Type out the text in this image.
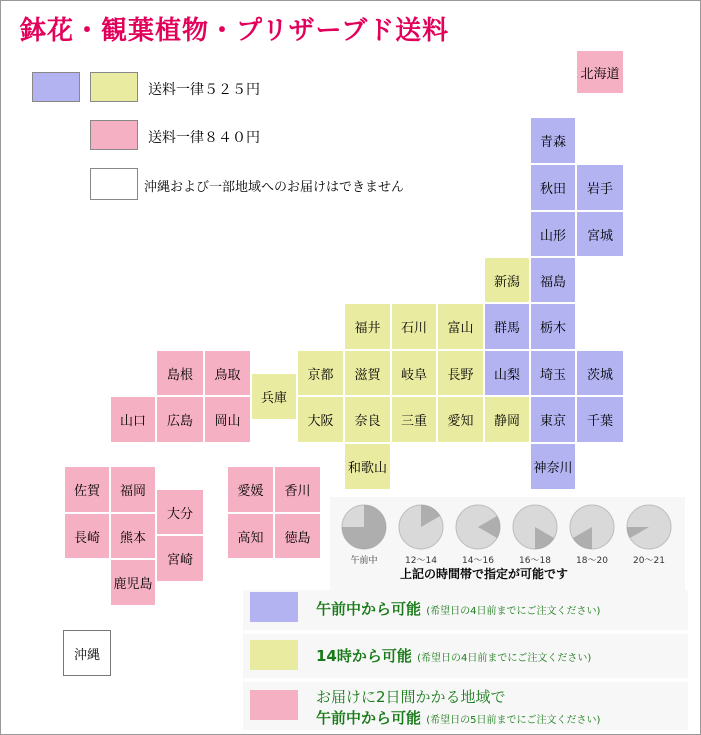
鉢花・観葉植物・プリザーブド送料
送料一律５２５円
送料一律８４０円
沖縄および一部地域へのお届けはできません
北海道
青森
秋田	岩手
山形	宮城
新潟	福島
福井	石川	富山	群馬	栃木
島根	鳥取	京都	滋賀	岐阜	長野	山梨	埼玉	茨城
兵庫
山口	広島	岡山	大阪	奈良	三重	愛知	静岡	東京	千葉
和歌山	神奈川
佐賀	福岡
大分
長崎	熊本
宮崎
鹿児島
愛媛	香川
高知	徳島
沖縄
午前中	12～14	14～16	16～18	18～20	20～21
上記の時間帯で指定が可能です
午前中から可能 (希望日の4日前までにご注文ください)
14時から可能 (希望日の4日前までにご注文ください)
お届けに2日間かかる地域で
午前中から可能 (希望日の5日前までにご注文ください)
